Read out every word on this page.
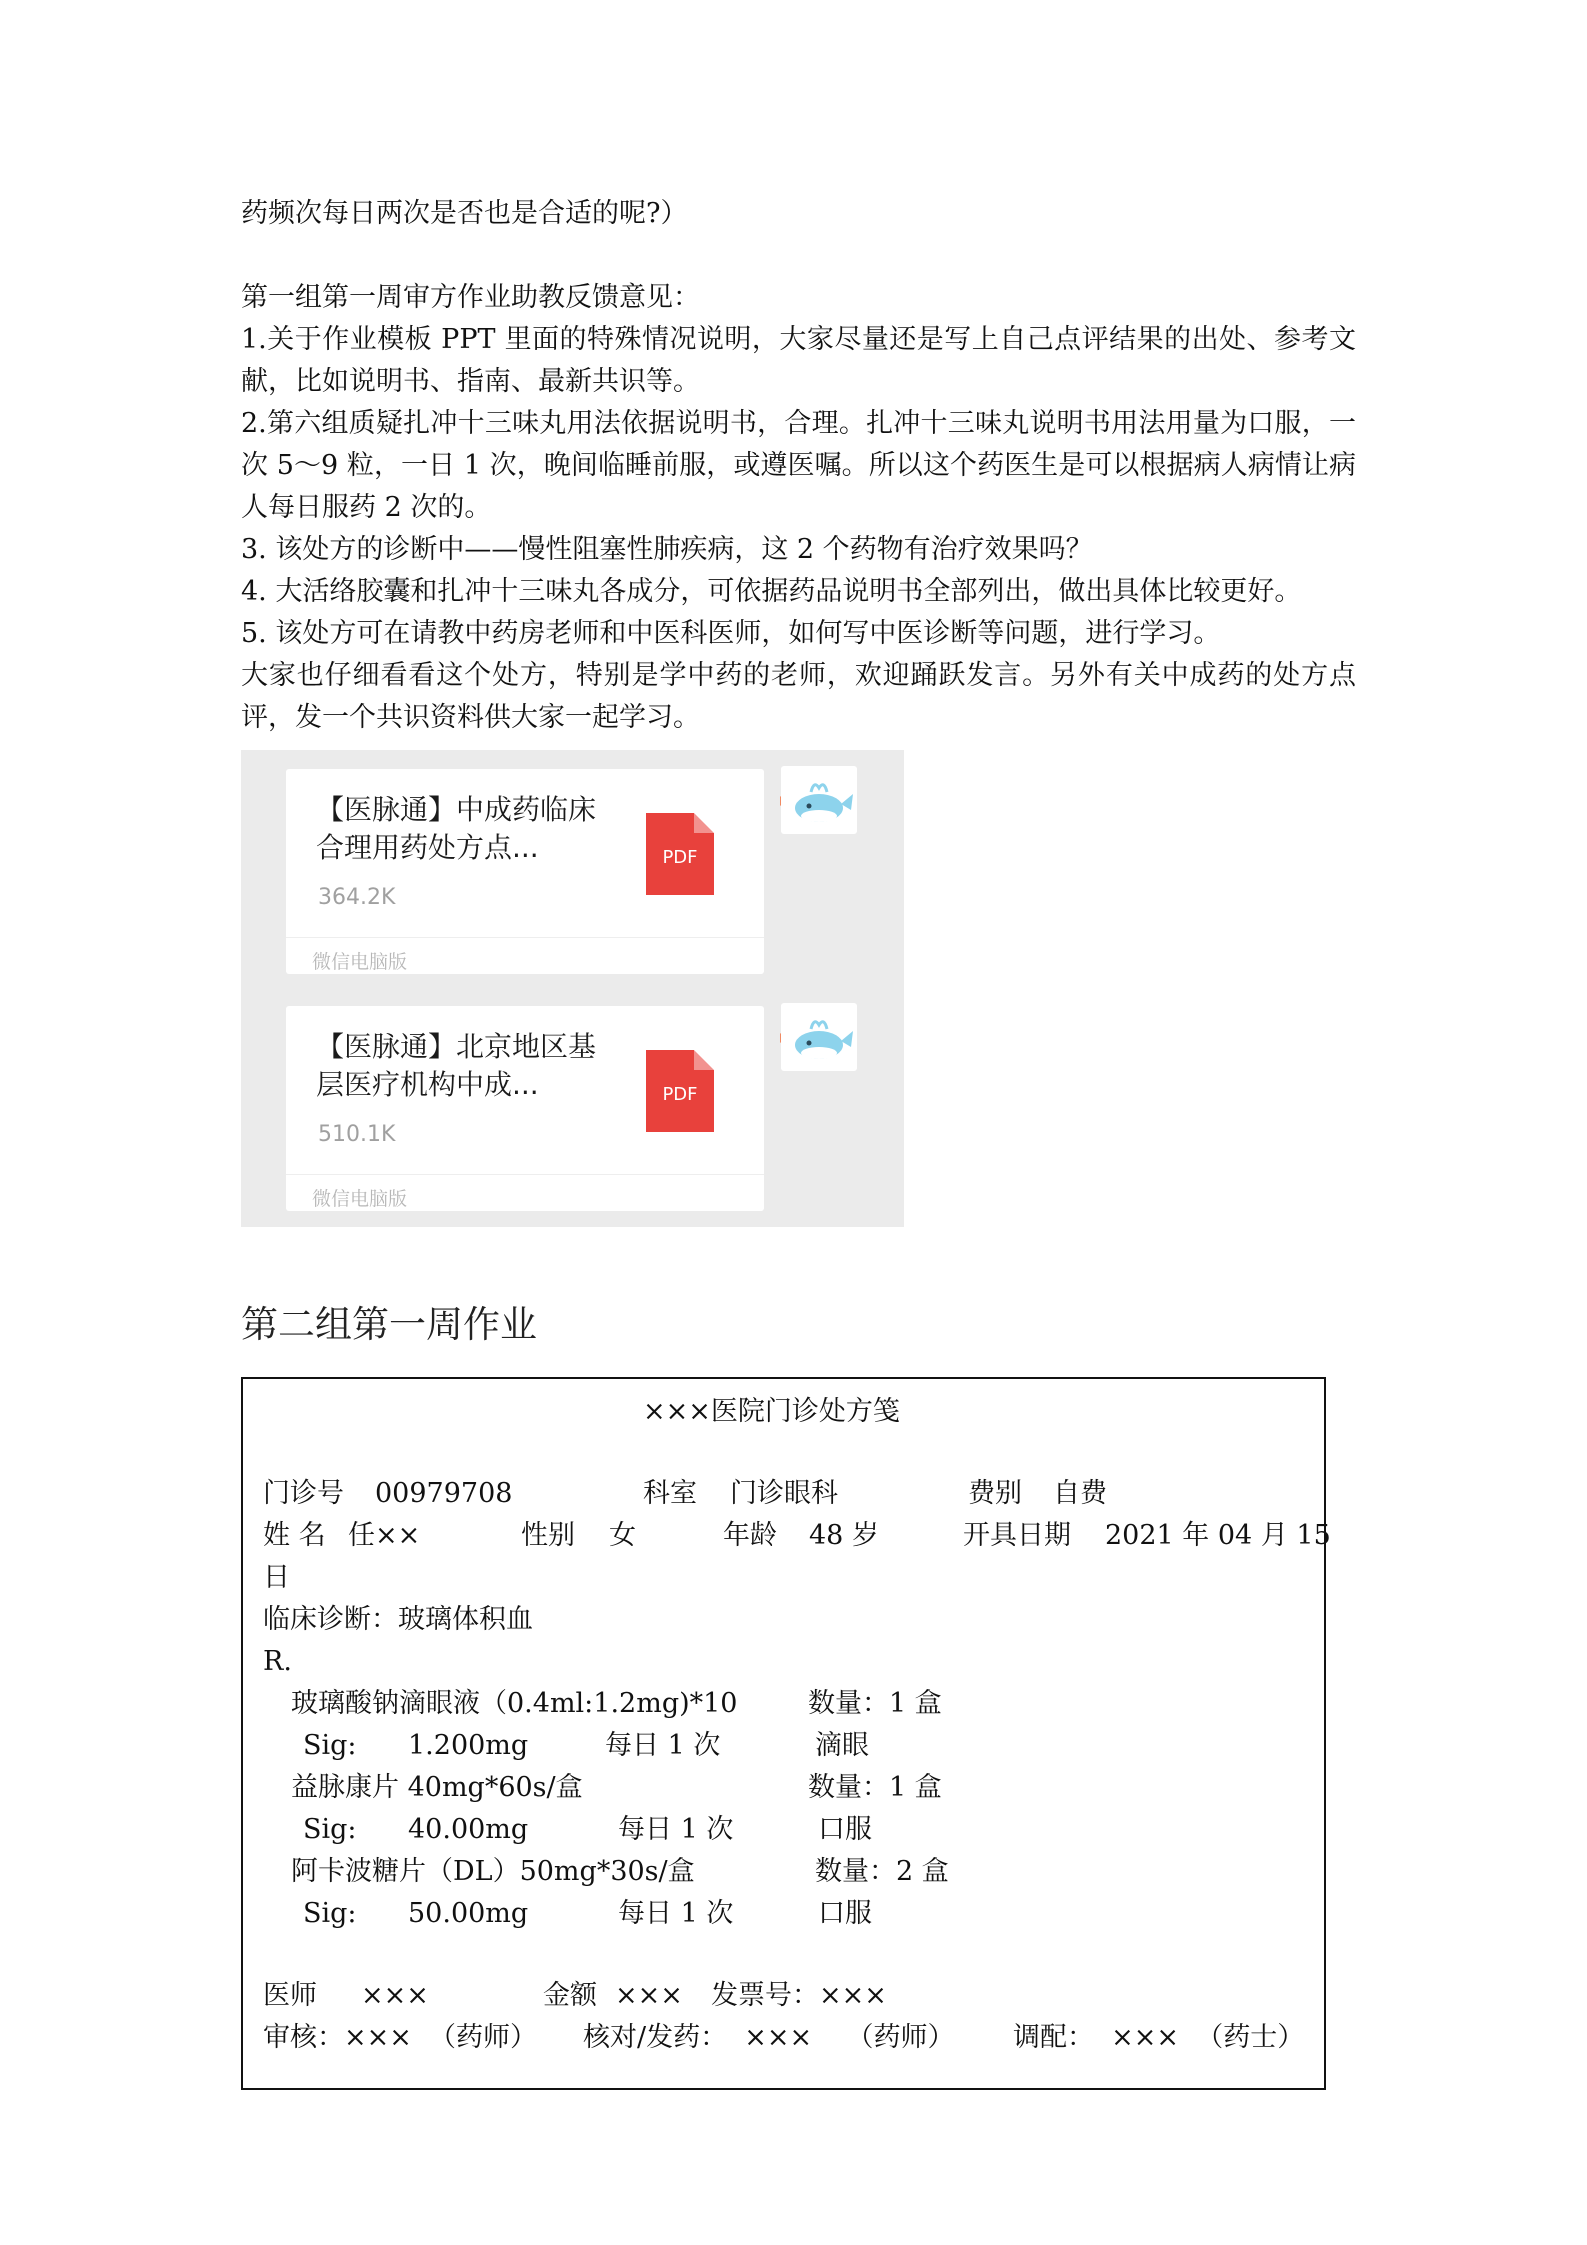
药频次每日两次是否也是合适的呢?）
第一组第一周审方作业助教反馈意见：
1.关于作业模板 PPT 里面的特殊情况说明，大家尽量还是写上自己点评结果的出处、参考文献，比如说明书、指南、最新共识等。
2.第六组质疑扎冲十三味丸用法依据说明书，合理。扎冲十三味丸说明书用法用量为口服，一次 5～9 粒，一日 1 次，晚间临睡前服，或遵医嘱。所以这个药医生是可以根据病人病情让病人每日服药 2 次的。
3. 该处方的诊断中——慢性阻塞性肺疾病，这 2 个药物有治疗效果吗？
4. 大活络胶囊和扎冲十三味丸各成分，可依据药品说明书全部列出，做出具体比较更好。
5. 该处方可在请教中药房老师和中医科医师，如何写中医诊断等问题，进行学习。
大家也仔细看看这个处方，特别是学中药的老师，欢迎踊跃发言。另外有关中成药的处方点评，发一个共识资料供大家一起学习。
【医脉通】中成药临床合理用药处方点...
364.2K
PDF
微信电脑版
【医脉通】北京地区基层医疗机构中成...
510.1K
PDF
微信电脑版
第二组第一周作业
×××医院门诊处方笺
门诊号 00979708	科室 门诊眼科	费别 自费
姓 名 任××	性别 女	年龄 48 岁	开具日期 2021 年 04 月 15
日
临床诊断：玻璃体积血
R.
玻璃酸钠滴眼液（0.4ml:1.2mg)*10	数量：1 盒
Sig: 1.200mg	每日 1 次	滴眼
益脉康片 40mg*60s/盒	数量：1 盒
Sig: 40.00mg	每日 1 次	口服
阿卡波糖片（DL）50mg*30s/盒	数量：2 盒
Sig: 50.00mg	每日 1 次	口服
医师 ×××	金额 ××× 发票号：×××
审核：×××  （药师） 核对/发药：  ×××    （药师） 调配：  ×××  （药士）
